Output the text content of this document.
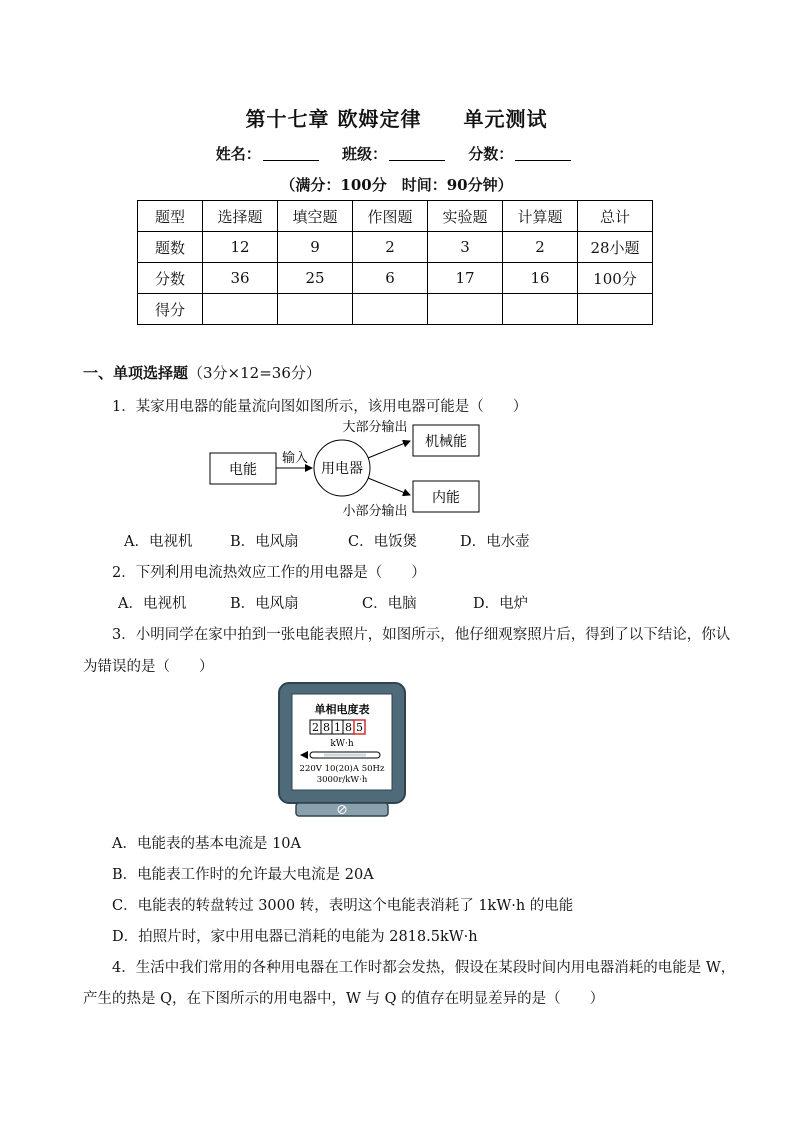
第十七章 欧姆定律　　单元测试
姓名：	班级：	分数：
（满分：100分　时间：90分钟）
题型	选择题	填空题	作图题	实验题	计算题	总计
题数	12	9	2	3	2	28小题
分数	36	25	6	17	16	100分
得分						
一、单项选择题（3分×12=36分）
1．某家用电器的能量流向图如图所示，该用电器可能是（　　）
电能
输入
用电器
大部分输出
小部分输出
机械能
内能
A．电视机	B．电风扇	C．电饭煲	D．电水壶
2．下列利用电流热效应工作的用电器是（　　）
A．电视机	B．电风扇	C．电脑	D．电炉
3．小明同学在家中拍到一张电能表照片，如图所示，他仔细观察照片后，得到了以下结论，你认
为错误的是（　　）
单相电度表
2 8 1 8 5
kW·h
220V 10(20)A 50Hz
3000r/kW·h
A．电能表的基本电流是 10A
B．电能表工作时的允许最大电流是 20A
C．电能表的转盘转过 3000 转，表明这个电能表消耗了 1kW·h 的电能
D．拍照片时，家中用电器已消耗的电能为 2818.5kW·h
4．生活中我们常用的各种用电器在工作时都会发热，假设在某段时间内用电器消耗的电能是 W，
产生的热是 Q，在下图所示的用电器中，W 与 Q 的值存在明显差异的是（　　）
